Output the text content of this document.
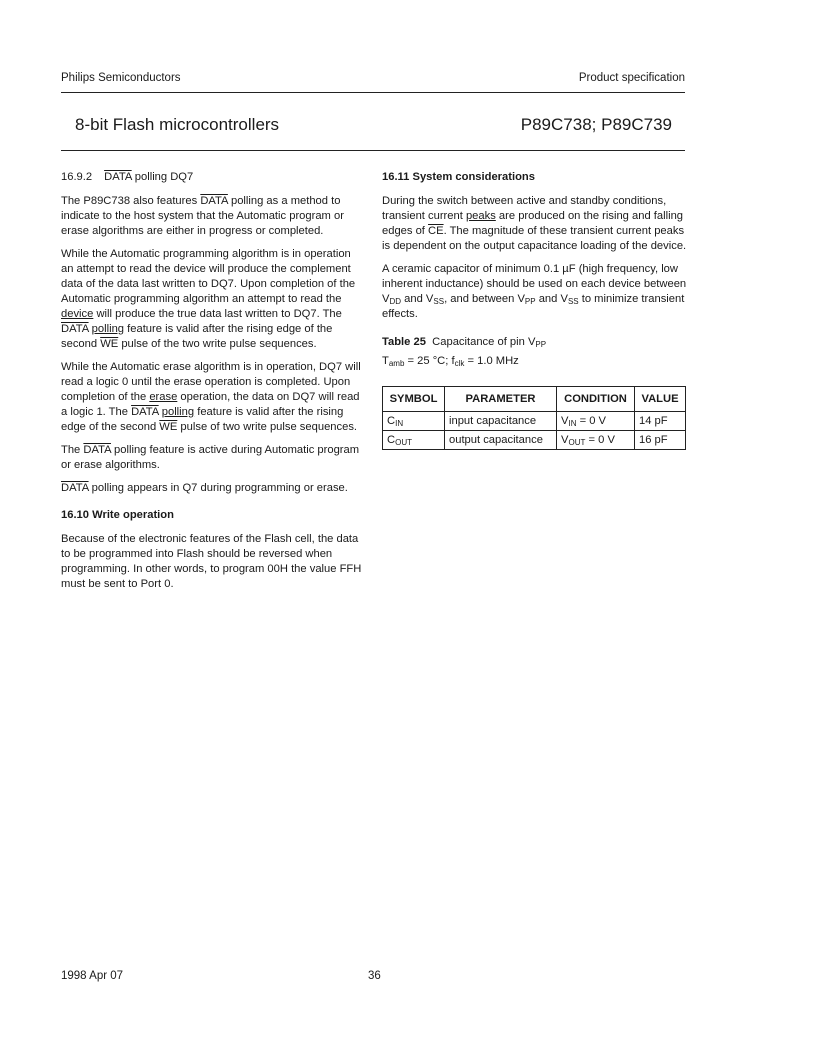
Philips Semiconductors	Product specification
8-bit Flash microcontrollers	P89C738; P89C739
16.9.2 DATA polling DQ7

The P89C738 also features DATA polling as a method to indicate to the host system that the Automatic program or erase algorithms are either in progress or completed.

While the Automatic programming algorithm is in operation an attempt to read the device will produce the complement data of the data last written to DQ7. Upon completion of the Automatic programming algorithm an attempt to read the device will produce the true data last written to DQ7. The DATA polling feature is valid after the rising edge of the second $\overline{WE}$ pulse of the two write pulse sequences.

While the Automatic erase algorithm is in operation, DQ7 will read a logic 0 until the erase operation is completed. Upon completion of the erase operation, the data on DQ7 will read a logic 1. The DATA polling feature is valid after the rising edge of the second $\overline{WE}$ pulse of two write pulse sequences.

The DATA polling feature is active during Automatic program or erase algorithms.

DATA polling appears in Q7 during programming or erase.

16.10 Write operation

Because of the electronic features of the Flash cell, the data to be programmed into Flash should be reversed when programming. In other words, to program 00H the value FFH must be sent to Port 0.

16.11 System considerations

During the switch between active and standby conditions, transient current peaks are produced on the rising and falling edges of $\overline{CE}$. The magnitude of these transient current peaks is dependent on the output capacitance loading of the device.

A ceramic capacitor of minimum 0.1 µF (high frequency, low inherent inductance) should be used on each device between $V_{DD}$ and $V_{SS}$, and between $V_{PP}$ and $V_{SS}$ to minimize transient effects.

Table 25 Capacitance of pin $V_{PP}$

$T_{amb} = 25$ °C; $f_{clk} = 1.0$ MHz

SYMBOL	PARAMETER	CONDITION	VALUE
$C_{IN}$	input capacitance	$V_{IN} = 0$ V	14 pF
$C_{OUT}$	output capacitance	$V_{OUT} = 0$ V	16 pF
1998 Apr 07	36
